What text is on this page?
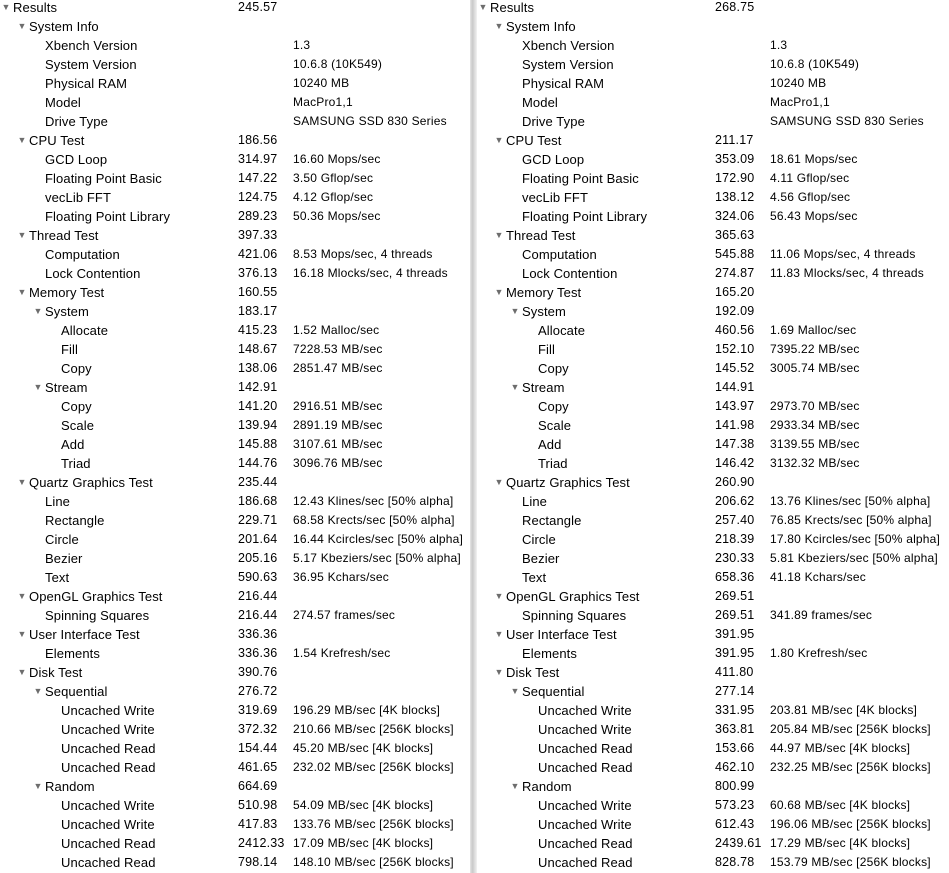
▼ Results	245.57
▼ System Info
Xbench Version	1.3
System Version	10.6.8 (10K549)
Physical RAM	10240 MB
Model	MacPro1,1
Drive Type	SAMSUNG SSD 830 Series
▼ CPU Test	186.56
GCD Loop	314.97 16.60 Mops/sec
Floating Point Basic	147.22 3.50 Gflop/sec
vecLib FFT	124.75 4.12 Gflop/sec
Floating Point Library	289.23 50.36 Mops/sec
▼ Thread Test	397.33
Computation	421.06 8.53 Mops/sec, 4 threads
Lock Contention	376.13 16.18 Mlocks/sec, 4 threads
▼ Memory Test	160.55
▼ System	183.17
Allocate	415.23 1.52 Malloc/sec
Fill	148.67 7228.53 MB/sec
Copy	138.06 2851.47 MB/sec
▼ Stream	142.91
Copy	141.20 2916.51 MB/sec
Scale	139.94 2891.19 MB/sec
Add	145.88 3107.61 MB/sec
Triad	144.76 3096.76 MB/sec
▼ Quartz Graphics Test	235.44
Line	186.68 12.43 Klines/sec [50% alpha]
Rectangle	229.71 68.58 Krects/sec [50% alpha]
Circle	201.64 16.44 Kcircles/sec [50% alpha]
Bezier	205.16 5.17 Kbeziers/sec [50% alpha]
Text	590.63 36.95 Kchars/sec
▼ OpenGL Graphics Test	216.44
Spinning Squares	216.44 274.57 frames/sec
▼ User Interface Test	336.36
Elements	336.36 1.54 Krefresh/sec
▼ Disk Test	390.76
▼ Sequential	276.72
Uncached Write	319.69 196.29 MB/sec [4K blocks]
Uncached Write	372.32 210.66 MB/sec [256K blocks]
Uncached Read	154.44 45.20 MB/sec [4K blocks]
Uncached Read	461.65 232.02 MB/sec [256K blocks]
▼ Random	664.69
Uncached Write	510.98 54.09 MB/sec [4K blocks]
Uncached Write	417.83 133.76 MB/sec [256K blocks]
Uncached Read	2412.33 17.09 MB/sec [4K blocks]
Uncached Read	798.14 148.10 MB/sec [256K blocks]
▼ Results	268.75
▼ System Info
Xbench Version	1.3
System Version	10.6.8 (10K549)
Physical RAM	10240 MB
Model	MacPro1,1
Drive Type	SAMSUNG SSD 830 Series
▼ CPU Test	211.17
GCD Loop	353.09 18.61 Mops/sec
Floating Point Basic	172.90 4.11 Gflop/sec
vecLib FFT	138.12 4.56 Gflop/sec
Floating Point Library	324.06 56.43 Mops/sec
▼ Thread Test	365.63
Computation	545.88 11.06 Mops/sec, 4 threads
Lock Contention	274.87 11.83 Mlocks/sec, 4 threads
▼ Memory Test	165.20
▼ System	192.09
Allocate	460.56 1.69 Malloc/sec
Fill	152.10 7395.22 MB/sec
Copy	145.52 3005.74 MB/sec
▼ Stream	144.91
Copy	143.97 2973.70 MB/sec
Scale	141.98 2933.34 MB/sec
Add	147.38 3139.55 MB/sec
Triad	146.42 3132.32 MB/sec
▼ Quartz Graphics Test	260.90
Line	206.62 13.76 Klines/sec [50% alpha]
Rectangle	257.40 76.85 Krects/sec [50% alpha]
Circle	218.39 17.80 Kcircles/sec [50% alpha]
Bezier	230.33 5.81 Kbeziers/sec [50% alpha]
Text	658.36 41.18 Kchars/sec
▼ OpenGL Graphics Test	269.51
Spinning Squares	269.51 341.89 frames/sec
▼ User Interface Test	391.95
Elements	391.95 1.80 Krefresh/sec
▼ Disk Test	411.80
▼ Sequential	277.14
Uncached Write	331.95 203.81 MB/sec [4K blocks]
Uncached Write	363.81 205.84 MB/sec [256K blocks]
Uncached Read	153.66 44.97 MB/sec [4K blocks]
Uncached Read	462.10 232.25 MB/sec [256K blocks]
▼ Random	800.99
Uncached Write	573.23 60.68 MB/sec [4K blocks]
Uncached Write	612.43 196.06 MB/sec [256K blocks]
Uncached Read	2439.61 17.29 MB/sec [4K blocks]
Uncached Read	828.78 153.79 MB/sec [256K blocks]
